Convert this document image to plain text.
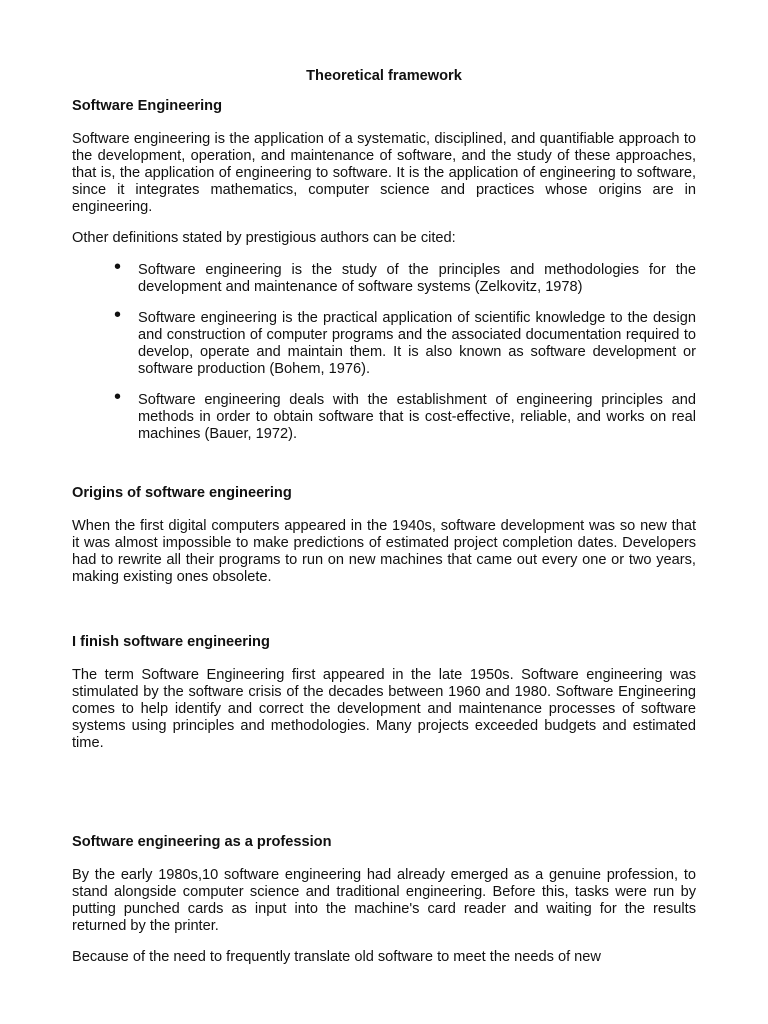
Theoretical framework
Software Engineering

Software engineering is the application of a systematic, disciplined, and quantifiable approach to the development, operation, and maintenance of software, and the study of these approaches, that is, the application of engineering to software. It is the application of engineering to software, since it integrates mathematics, computer science and practices whose origins are in engineering.

Other definitions stated by prestigious authors can be cited:

• Software engineering is the study of the principles and methodologies for the development and maintenance of software systems (Zelkovitz, 1978)
• Software engineering is the practical application of scientific knowledge to the design and construction of computer programs and the associated documentation required to develop, operate and maintain them. It is also known as software development or software production (Bohem, 1976).
• Software engineering deals with the establishment of engineering principles and methods in order to obtain software that is cost-effective, reliable, and works on real machines (Bauer, 1972).
Origins of software engineering

When the first digital computers appeared in the 1940s, software development was so new that it was almost impossible to make predictions of estimated project completion dates. Developers had to rewrite all their programs to run on new machines that came out every one or two years, making existing ones obsolete.

I finish software engineering

The term Software Engineering first appeared in the late 1950s. Software engineering was stimulated by the software crisis of the decades between 1960 and 1980. Software Engineering comes to help identify and correct the development and maintenance processes of software systems using principles and methodologies. Many projects exceeded budgets and estimated time.

Software engineering as a profession

By the early 1980s,10 software engineering had already emerged as a genuine profession, to stand alongside computer science and traditional engineering. Before this, tasks were run by putting punched cards as input into the machine's card reader and waiting for the results returned by the printer.

Because of the need to frequently translate old software to meet the needs of new
